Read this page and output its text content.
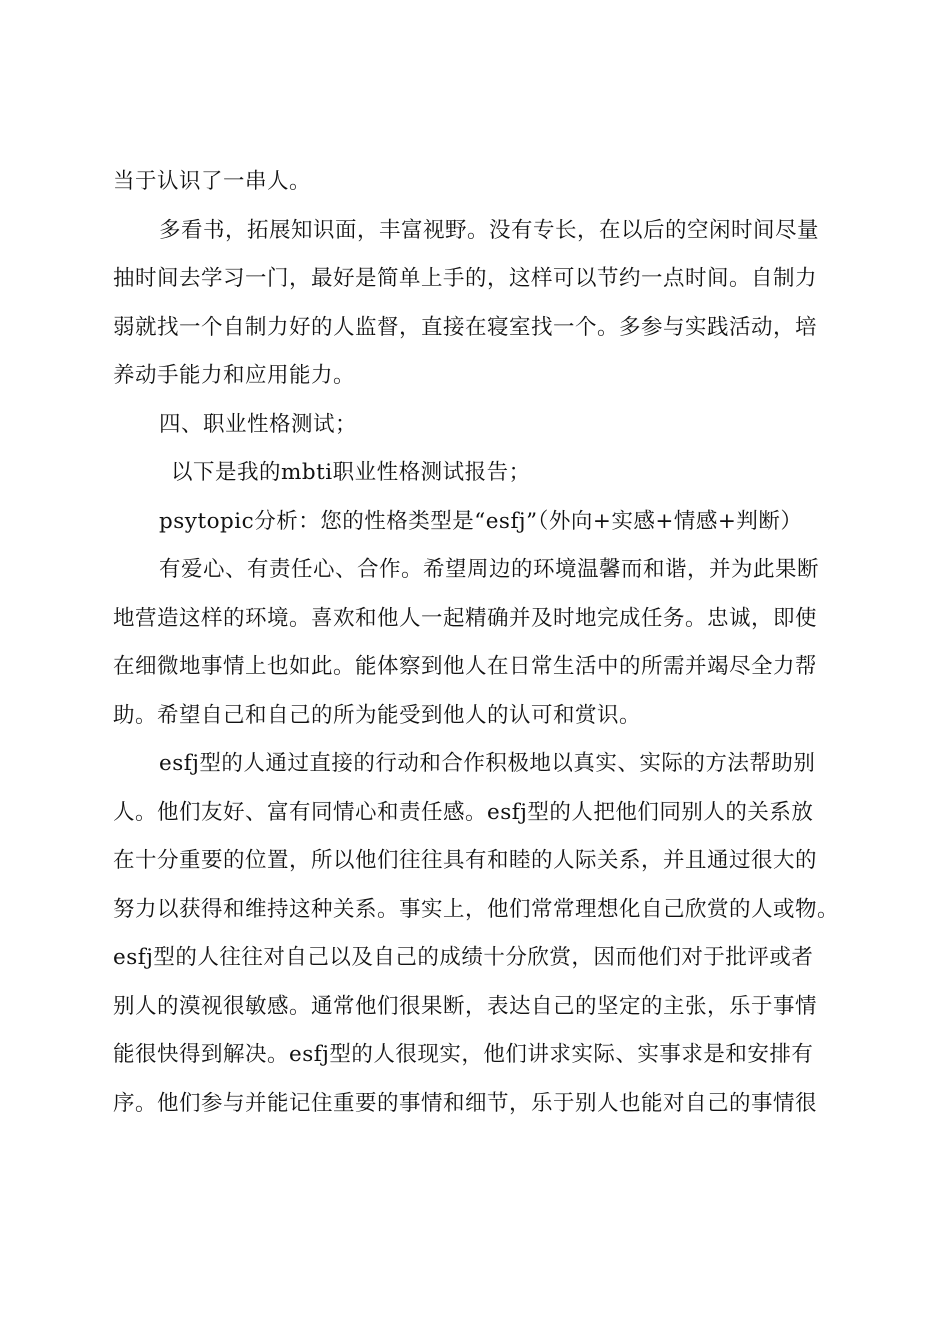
当于认识了一串人。
多看书，拓展知识面，丰富视野。没有专长，在以后的空闲时间尽量
抽时间去学习一门，最好是简单上手的，这样可以节约一点时间。自制力
弱就找一个自制力好的人监督，直接在寝室找一个。多参与实践活动，培
养动手能力和应用能力。
四、职业性格测试；
以下是我的mbti职业性格测试报告；
psytopic分析：您的性格类型是“esfj”（外向+实感+情感+判断）
有爱心、有责任心、合作。希望周边的环境温馨而和谐，并为此果断
地营造这样的环境。喜欢和他人一起精确并及时地完成任务。忠诚，即使
在细微地事情上也如此。能体察到他人在日常生活中的所需并竭尽全力帮
助。希望自己和自己的所为能受到他人的认可和赏识。
esfj型的人通过直接的行动和合作积极地以真实、实际的方法帮助别
人。他们友好、富有同情心和责任感。esfj型的人把他们同别人的关系放
在十分重要的位置，所以他们往往具有和睦的人际关系，并且通过很大的
努力以获得和维持这种关系。事实上，他们常常理想化自己欣赏的人或物。
esfj型的人往往对自己以及自己的成绩十分欣赏，因而他们对于批评或者
别人的漠视很敏感。通常他们很果断，表达自己的坚定的主张，乐于事情
能很快得到解决。esfj型的人很现实，他们讲求实际、实事求是和安排有
序。他们参与并能记住重要的事情和细节，乐于别人也能对自己的事情很
